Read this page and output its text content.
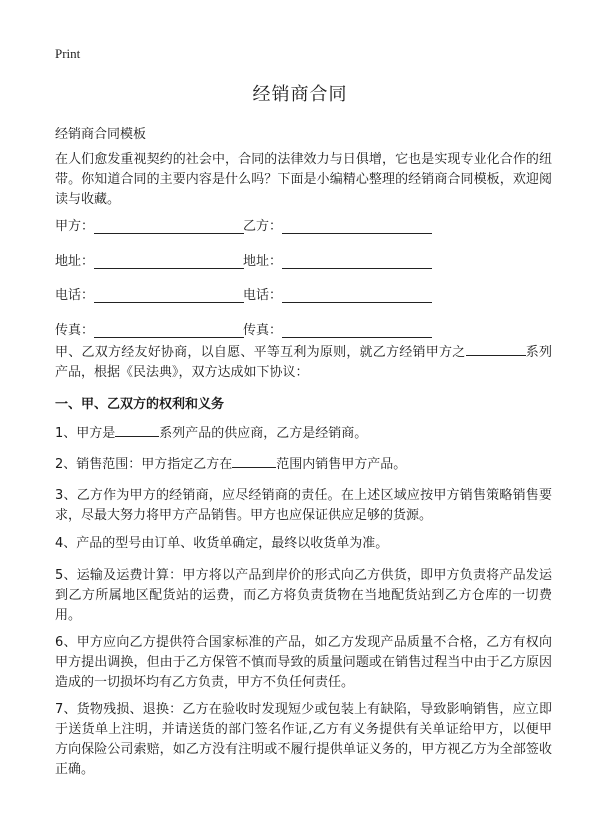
Print
经销商合同
经销商合同模板
在人们愈发重视契约的社会中，合同的法律效力与日俱增，它也是实现专业化合作的纽带。你知道合同的主要内容是什么吗？下面是小编精心整理的经销商合同模板，欢迎阅读与收藏。
甲方：	乙方：
地址：	地址：
电话：	电话：
传真：	传真：
甲、乙双方经友好协商，以自愿、平等互利为原则，就乙方经销甲方之	系列产品，根据《民法典》，双方达成如下协议：
一、甲、乙双方的权利和义务
1、甲方是	系列产品的供应商，乙方是经销商。
2、销售范围：甲方指定乙方在	范围内销售甲方产品。
3、乙方作为甲方的经销商，应尽经销商的责任。在上述区域应按甲方销售策略销售要求，尽最大努力将甲方产品销售。甲方也应保证供应足够的货源。
4、产品的型号由订单、收货单确定，最终以收货单为准。
5、运输及运费计算：甲方将以产品到岸价的形式向乙方供货，即甲方负责将产品发运到乙方所属地区配货站的运费，而乙方将负责货物在当地配货站到乙方仓库的一切费用。
6、甲方应向乙方提供符合国家标准的产品，如乙方发现产品质量不合格，乙方有权向甲方提出调换，但由于乙方保管不慎而导致的质量问题或在销售过程当中由于乙方原因造成的一切损坏均有乙方负责，甲方不负任何责任。
7、货物残损、退换：乙方在验收时发现短少或包装上有缺陷，导致影响销售，应立即于送货单上注明，并请送货的部门签名作证,乙方有义务提供有关单证给甲方，以便甲方向保险公司索赔，如乙方没有注明或不履行提供单证义务的，甲方视乙方为全部签收正确。
